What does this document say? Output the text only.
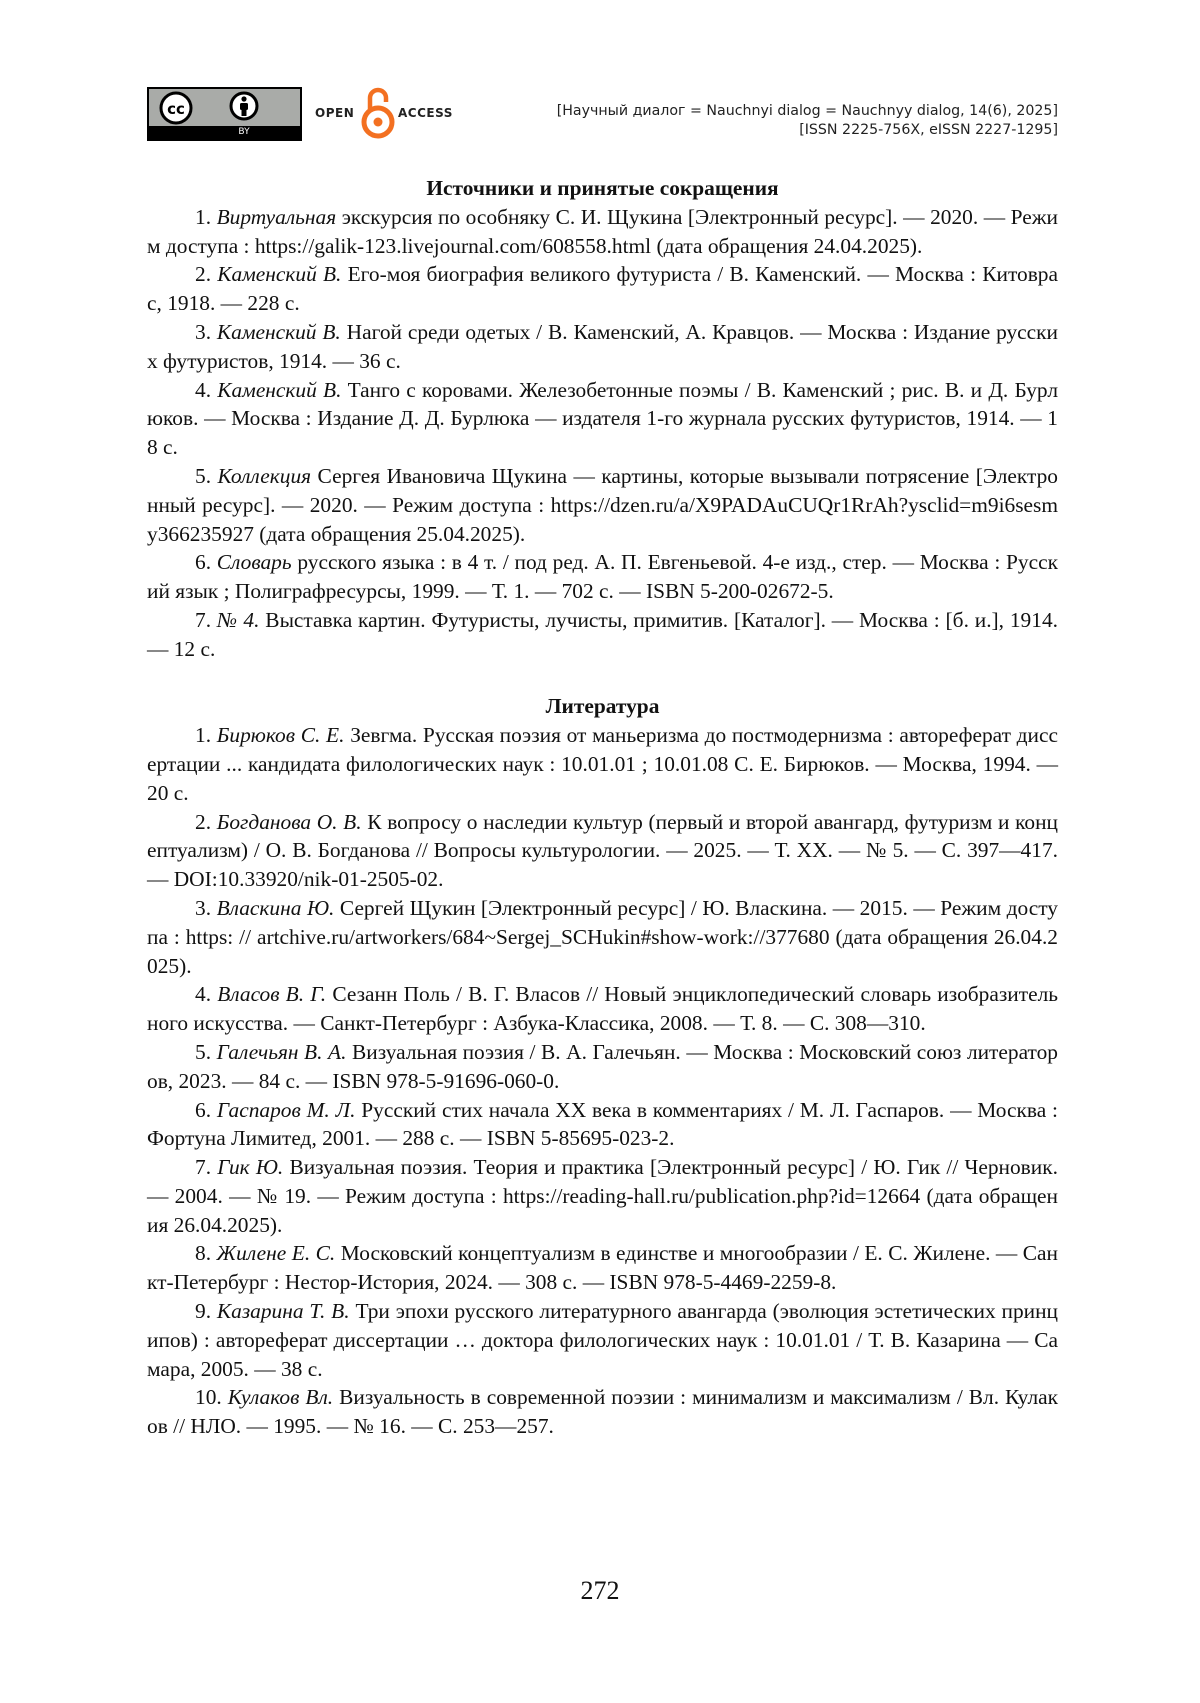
cc
BY
OPEN	ACCESS	[Научный диалог = Nauchnyi dialog = Nauchnyy dialog, 14(6), 2025]
[ISSN 2225-756X, eISSN 2227-1295]

Источники и принятые сокращения

1. Виртуальная экскурсия по особняку С. И. Щукина [Электронный ресурс]. — 2020. — Режим доступа : https://galik-123.livejournal.com/608558.html (дата обращения 24.04.2025).

2. Каменский В. Его-моя биография великого футуриста / В. Каменский. — Москва : Китоврас, 1918. — 228 с.

3. Каменский В. Нагой среди одетых / В. Каменский, А. Кравцов. — Москва : Издание русских футуристов, 1914. — 36 с.

4. Каменский В. Танго с коровами. Железобетонные поэмы / В. Каменский ; рис. В. и Д. Бурлюков. — Москва : Издание Д. Д. Бурлюка — издателя 1-го журнала русских футуристов, 1914. — 18 с.

5. Коллекция Сергея Ивановича Щукина — картины, которые вызывали потрясение [Электронный ресурс]. — 2020. — Режим доступа : https://dzen.ru/a/X9PADAuCUQr1RrAh?ysclid=m9i6sesmy366235927 (дата обращения 25.04.2025).

6. Словарь русского языка : в 4 т. / под ред. А. П. Евгеньевой. 4-е изд., стер. — Москва : Русский язык ; Полиграфресурсы, 1999. — Т. 1. — 702 с. — ISBN 5-200-02672-5.

7. № 4. Выставка картин. Футуристы, лучисты, примитив. [Каталог]. — Москва : [б. и.], 1914. — 12 с.

Литература

1. Бирюков С. Е. Зевгма. Русская поэзия от маньеризма до постмодернизма : автореферат диссертации ... кандидата филологических наук : 10.01.01 ; 10.01.08 С. Е. Бирюков. — Москва, 1994. — 20 с.

2. Богданова О. В. К вопросу о наследии культур (первый и второй авангард, футуризм и концептуализм) / О. В. Богданова // Вопросы культурологии. — 2025. — Т. XX. — № 5. — С. 397—417. — DOI:10.33920/nik-01-2505-02.

3. Власкина Ю. Сергей Щукин [Электронный ресурс] / Ю. Власкина. — 2015. — Режим доступа : https: // artchive.ru/artworkers/684~Sergej_SCHukin#show-work://377680 (дата обращения 26.04.2025).

4. Власов В. Г. Сезанн Поль / В. Г. Власов // Новый энциклопедический словарь изобразительного искусства. — Санкт-Петербург : Азбука-Классика, 2008. — Т. 8. — С. 308—310.

5. Галечьян В. А. Визуальная поэзия / В. А. Галечьян. — Москва : Московский союз литераторов, 2023. — 84 с. — ISBN 978-5-91696-060-0.

6. Гаспаров М. Л. Русский стих начала XX века в комментариях / М. Л. Гаспаров. — Москва : Фортуна Лимитед, 2001. — 288 с. — ISBN 5-85695-023-2.

7. Гик Ю. Визуальная поэзия. Теория и практика [Электронный ресурс] / Ю. Гик // Черновик. — 2004. — № 19. — Режим доступа : https://reading-hall.ru/publication.php?id=12664 (дата обращения 26.04.2025).

8. Жилене Е. С. Московский концептуализм в единстве и многообразии / Е. С. Жилене. — Санкт-Петербург : Нестор-История, 2024. — 308 с. — ISBN 978-5-4469-2259-8.

9. Казарина Т. В. Три эпохи русского литературного авангарда (эволюция эстетических принципов) : автореферат диссертации … доктора филологических наук : 10.01.01 / Т. В. Казарина — Самара, 2005. — 38 с.

10. Кулаков Вл. Визуальность в современной поэзии : минимализм и максимализм / Вл. Кулаков // НЛО. — 1995. — № 16. — С. 253—257.

272
